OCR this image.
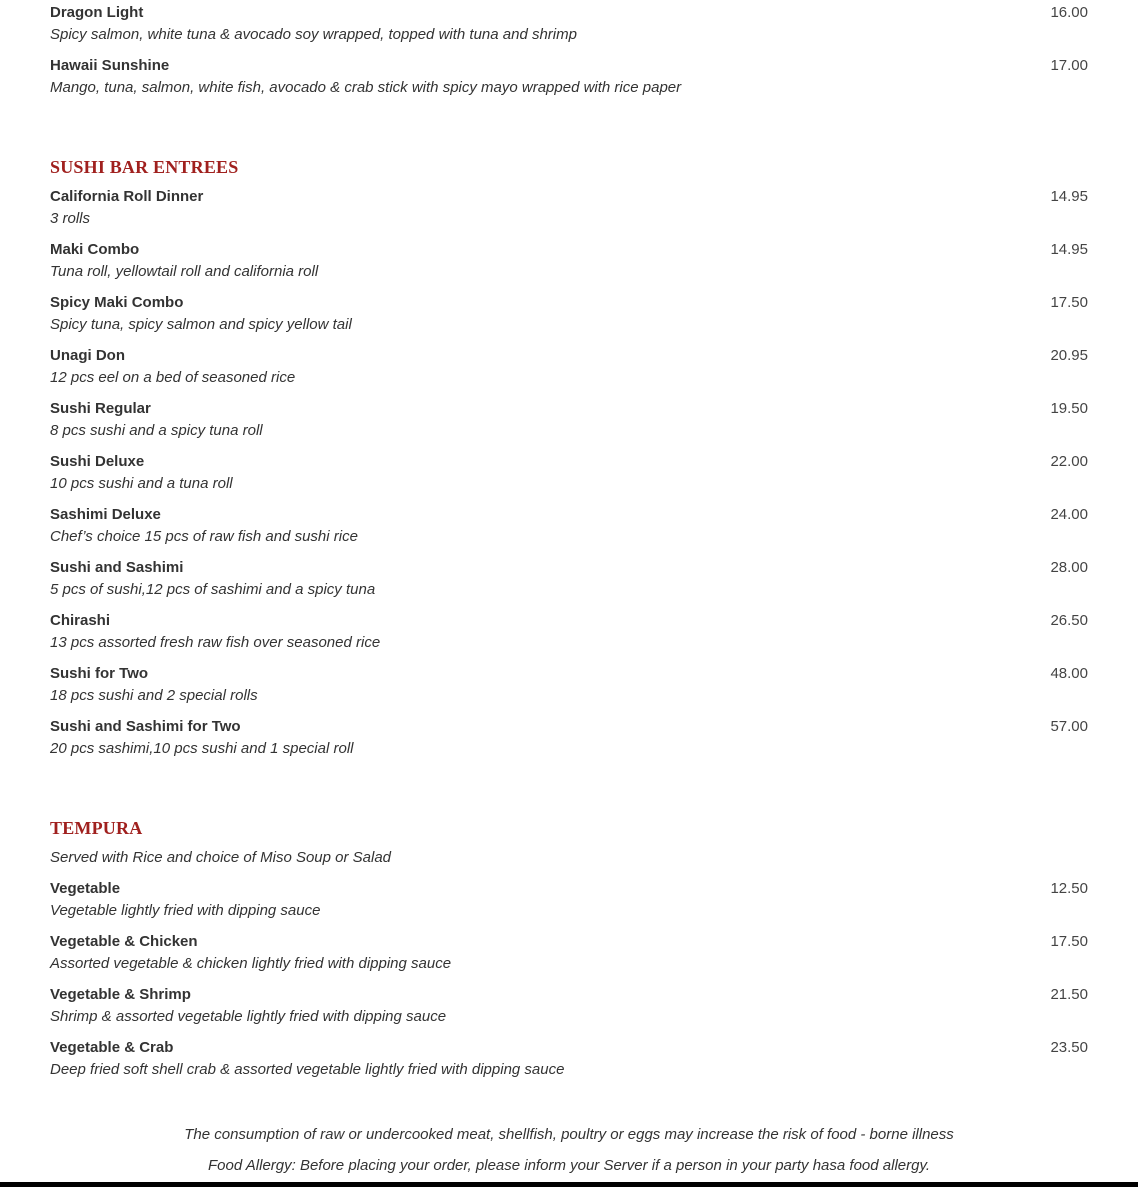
Dragon Light	16.00
Spicy salmon, white tuna & avocado soy wrapped, topped with tuna and shrimp
Hawaii Sunshine	17.00
Mango, tuna, salmon, white fish, avocado & crab stick with spicy mayo wrapped with rice paper
SUSHI BAR ENTREES
California Roll Dinner	14.95
3 rolls
Maki Combo	14.95
Tuna roll, yellowtail roll and california roll
Spicy Maki Combo	17.50
Spicy tuna, spicy salmon and spicy yellow tail
Unagi Don	20.95
12 pcs eel on a bed of seasoned rice
Sushi Regular	19.50
8 pcs sushi and a spicy tuna roll
Sushi Deluxe	22.00
10 pcs sushi and a tuna roll
Sashimi Deluxe	24.00
Chef’s choice 15 pcs of raw fish and sushi rice
Sushi and Sashimi	28.00
5 pcs of sushi,12 pcs of sashimi and a spicy tuna
Chirashi	26.50
13 pcs assorted fresh raw fish over seasoned rice
Sushi for Two	48.00
18 pcs sushi and 2 special rolls
Sushi and Sashimi for Two	57.00
20 pcs sashimi,10 pcs sushi and 1 special roll
TEMPURA
Served with Rice and choice of Miso Soup or Salad
Vegetable	12.50
Vegetable lightly fried with dipping sauce
Vegetable & Chicken	17.50
Assorted vegetable & chicken lightly fried with dipping sauce
Vegetable & Shrimp	21.50
Shrimp & assorted vegetable lightly fried with dipping sauce
Vegetable & Crab	23.50
Deep fried soft shell crab & assorted vegetable lightly fried with dipping sauce
The consumption of raw or undercooked meat, shellfish, poultry or eggs may increase the risk of food - borne illness
Food Allergy: Before placing your order, please inform your Server if a person in your party hasa food allergy.
